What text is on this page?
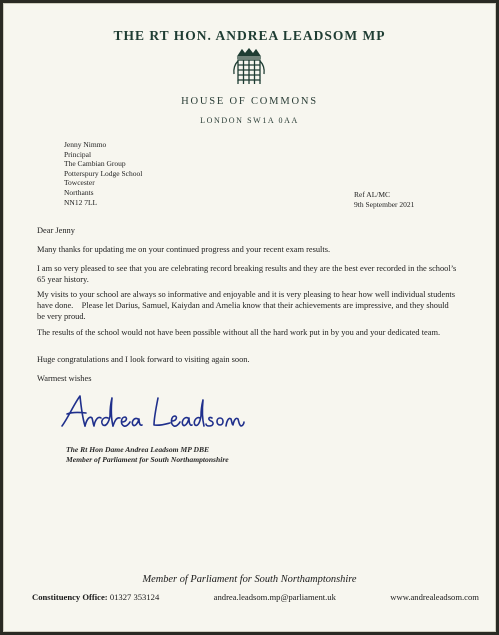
THE RT HON. ANDREA LEADSOM MP
HOUSE OF COMMONS
LONDON SW1A 0AA
Jenny Nimmo
Principal
The Cambian Group
Potterspury Lodge School
Towcester
Northants
NN12 7LL
Ref AL/MC
9th September 2021
Dear Jenny
Many thanks for updating me on your continued progress and your recent exam results.
I am so very pleased to see that you are celebrating record breaking results and they are the best ever recorded in the school’s 65 year history.
My visits to your school are always so informative and enjoyable and it is very pleasing to hear how well individual students have done.    Please let Darius, Samuel, Kaiydan and Amelia know that their achievements are impressive, and they should be very proud.
The results of the school would not have been possible without all the hard work put in by you and your dedicated team.
Huge congratulations and I look forward to visiting again soon.
Warmest wishes
The Rt Hon Dame Andrea Leadsom MP DBE
Member of Parliament for South Northamptonshire
Member of Parliament for South Northamptonshire
Constituency Office: 01327 353124	andrea.leadsom.mp@parliament.uk	www.andrealeadsom.com
